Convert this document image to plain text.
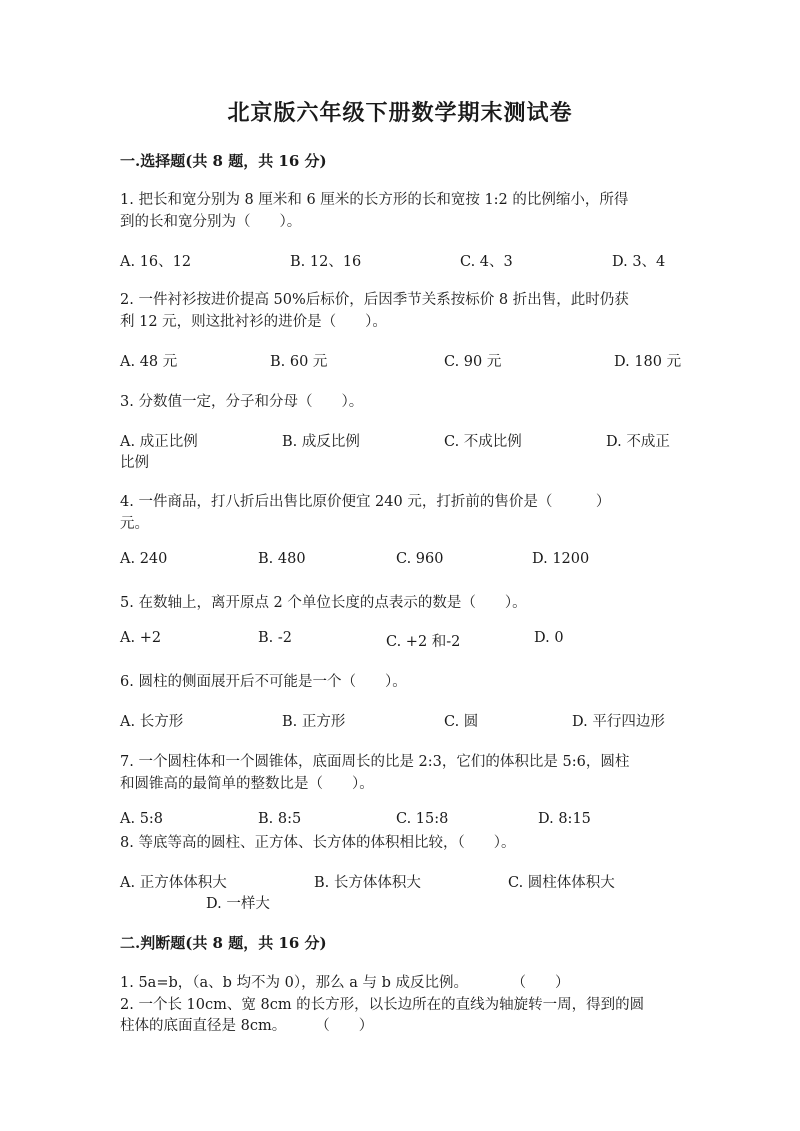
北京版六年级下册数学期末测试卷
一.选择题(共 8 题，共 16 分)
1. 把长和宽分别为 8 厘米和 6 厘米的长方形的长和宽按 1:2 的比例缩小，所得
到的长和宽分别为（　　）。
A. 16、12	B. 12、16	C. 4、3	D. 3、4
2. 一件衬衫按进价提高 50%后标价，后因季节关系按标价 8 折出售，此时仍获
利 12 元，则这批衬衫的进价是（　　）。
A. 48 元	B. 60 元	C. 90 元	D. 180 元
3. 分数值一定，分子和分母（　　）。
A. 成正比例	B. 成反比例	C. 不成比例	D. 不成正
比例
4. 一件商品，打八折后出售比原价便宜 240 元，打折前的售价是（　　　）
元。
A. 240	B. 480	C. 960	D. 1200
5. 在数轴上，离开原点 2 个单位长度的点表示的数是（　　）。
A. +2	B. -2	C. +2 和-2	D. 0
6. 圆柱的侧面展开后不可能是一个（　　）。
A. 长方形	B. 正方形	C. 圆	D. 平行四边形
7. 一个圆柱体和一个圆锥体，底面周长的比是 2:3，它们的体积比是 5:6，圆柱
和圆锥高的最简单的整数比是（　　）。
A. 5:8	B. 8:5	C. 15:8	D. 8:15
8. 等底等高的圆柱、正方体、长方体的体积相比较，（　　）。
A. 正方体体积大	B. 长方体体积大	C. 圆柱体体积大
D. 一样大
二.判断题(共 8 题，共 16 分)
1. 5a=b，（a、b 均不为 0），那么 a 与 b 成反比例。　　　　（　　）
2. 一个长 10cm、宽 8cm 的长方形，以长边所在的直线为轴旋转一周，得到的圆
柱体的底面直径是 8cm。　　　（　　）
